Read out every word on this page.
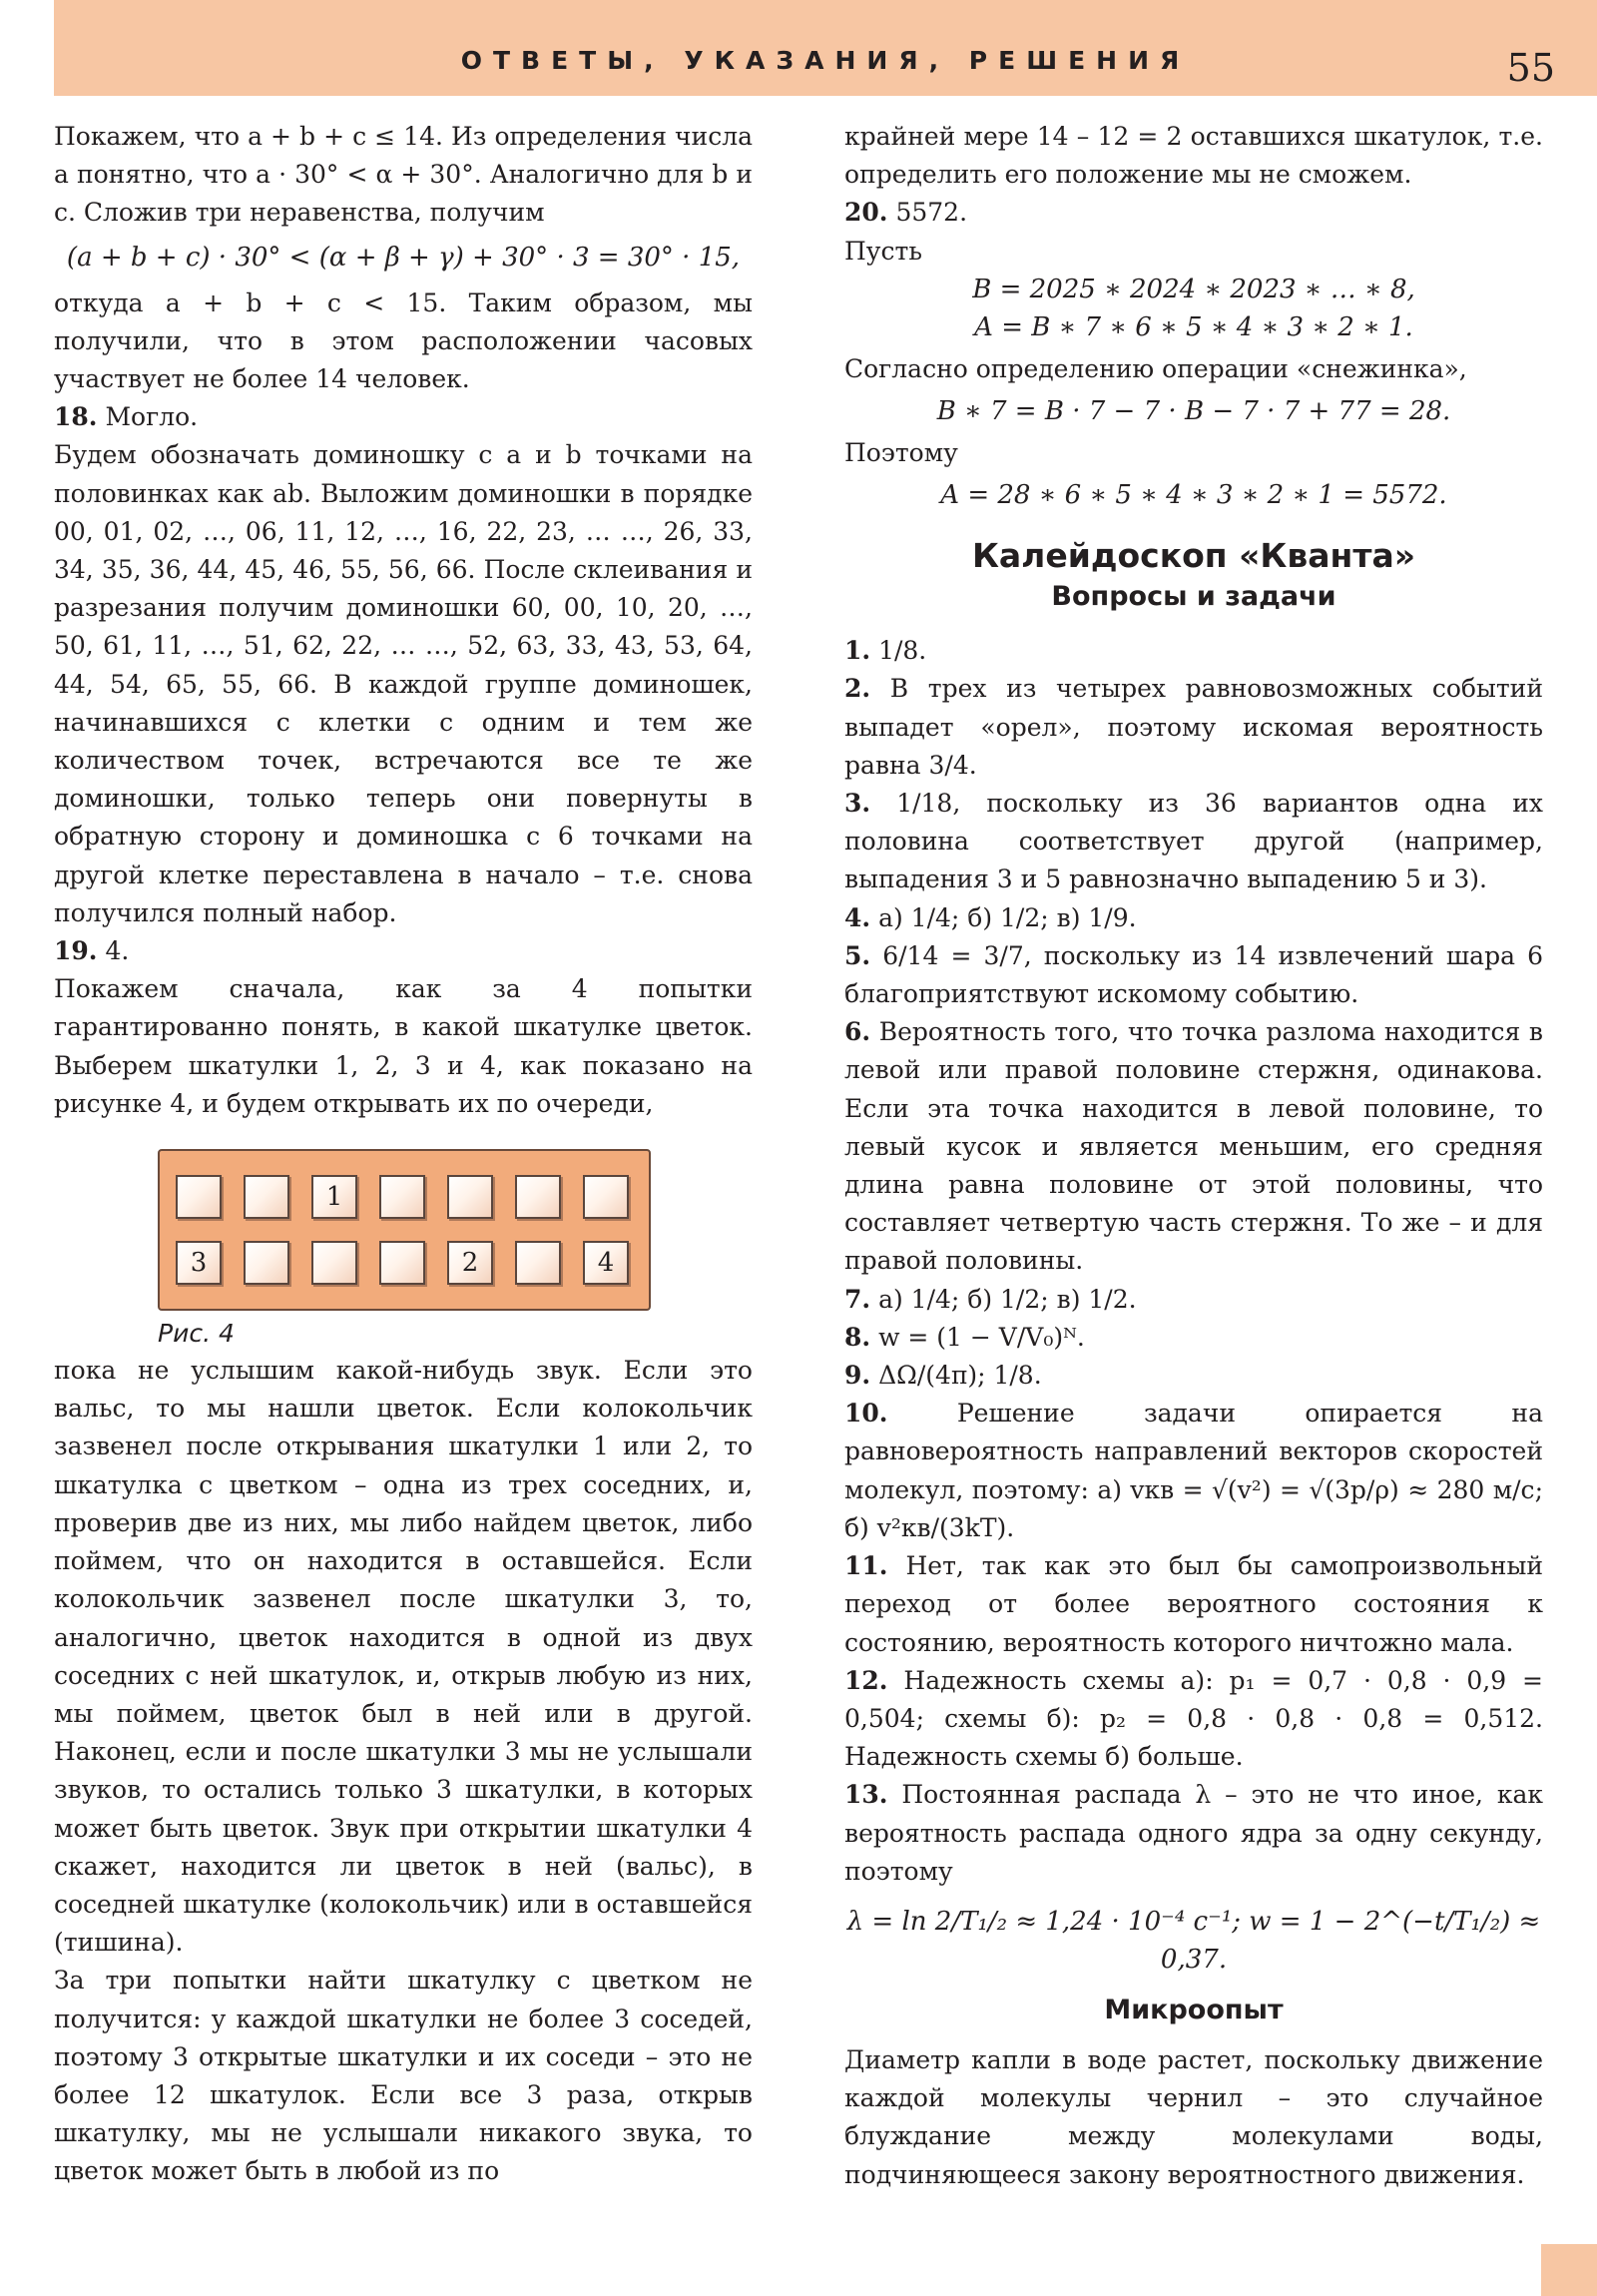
ОТВЕТЫ, УКАЗАНИЯ, РЕШЕНИЯ	55

Покажем, что a + b + c ≤ 14. Из определения числа a понятно, что a · 30° < α + 30°. Аналогично для b и c. Сложив три неравенства, получим

(a + b + c) · 30° < (α + β + γ) + 30° · 3 = 30° · 15,

откуда a + b + c < 15. Таким образом, мы получили, что в этом расположении часовых участвует не более 14 человек.

18. Могло.

Будем обозначать доминошку с a и b точками на половинках как ab. Выложим доминошки в порядке 00, 01, 02, …, 06, 11, 12, …, 16, 22, 23, … …, 26, 33, 34, 35, 36, 44, 45, 46, 55, 56, 66. После склеивания и разрезания получим доминошки 60, 00, 10, 20, …, 50, 61, 11, …, 51, 62, 22, … …, 52, 63, 33, 43, 53, 64, 44, 54, 65, 55, 66. В каждой группе доминошек, начинавшихся с клетки с одним и тем же количеством точек, встречаются все те же доминошки, только теперь они повернуты в обратную сторону и доминошка с 6 точками на другой клетке переставлена в начало – т.е. снова получился полный набор.

19. 4.

Покажем сначала, как за 4 попытки гарантированно понять, в какой шкатулке цветок. Выберем шкатулки 1, 2, 3 и 4, как показано на рисунке 4, и будем открывать их по очереди,

1
3	2	4
Рис. 4

пока не услышим какой-нибудь звук. Если это вальс, то мы нашли цветок. Если колокольчик зазвенел после открывания шкатулки 1 или 2, то шкатулка с цветком – одна из трех соседних, и, проверив две из них, мы либо найдем цветок, либо поймем, что он находится в оставшейся. Если колокольчик зазвенел после шкатулки 3, то, аналогично, цветок находится в одной из двух соседних с ней шкатулок, и, открыв любую из них, мы поймем, цветок был в ней или в другой. Наконец, если и после шкатулки 3 мы не услышали звуков, то остались только 3 шкатулки, в которых может быть цветок. Звук при открытии шкатулки 4 скажет, находится ли цветок в ней (вальс), в соседней шкатулке (колокольчик) или в оставшейся (тишина).

За три попытки найти шкатулку с цветком не получится: у каждой шкатулки не более 3 соседей, поэтому 3 открытые шкатулки и их соседи – это не более 12 шкатулок. Если все 3 раза, открыв шкатулку, мы не услышали никакого звука, то цветок может быть в любой из по

крайней мере 14 – 12 = 2 оставшихся шкатулок, т.е. определить его положение мы не сможем.

20. 5572.

Пусть

B = 2025 ∗ 2024 ∗ 2023 ∗ … ∗ 8,
A = B ∗ 7 ∗ 6 ∗ 5 ∗ 4 ∗ 3 ∗ 2 ∗ 1.

Согласно определению операции «снежинка»,

B ∗ 7 = B · 7 − 7 · B − 7 · 7 + 77 = 28.

Поэтому

A = 28 ∗ 6 ∗ 5 ∗ 4 ∗ 3 ∗ 2 ∗ 1 = 5572.
Калейдоскоп «Кванта»
Вопросы и задачи

1. 1/8.

2. В трех из четырех равновозможных событий выпадет «орел», поэтому искомая вероятность равна 3/4.

3. 1/18, поскольку из 36 вариантов одна их половина соответствует другой (например, выпадения 3 и 5 равнозначно выпадению 5 и 3).

4. а) 1/4; б) 1/2; в) 1/9.

5. 6/14 = 3/7, поскольку из 14 извлечений шара 6 благоприятствуют искомому событию.

6. Вероятность того, что точка разлома находится в левой или правой половине стержня, одинакова. Если эта точка находится в левой половине, то левый кусок и является меньшим, его средняя длина равна половине от этой половины, что составляет четвертую часть стержня. То же – и для правой половины.

7. а) 1/4; б) 1/2; в) 1/2.

8. w = (1 − V/V₀)ᴺ.

9. ΔΩ/(4π); 1/8.

10.	Решение задачи опирается на равновероятность направлений векторов скоростей молекул, поэтому: а) vкв = √(v²) = √(3p/ρ) ≈ 280 м/с; б) v²кв/(3kT).

11. Нет, так как это был бы самопроизвольный переход от более вероятного состояния к состоянию, вероятность которого ничтожно мала.

12. Надежность схемы а): p₁ = 0,7 · 0,8 · 0,9 = 0,504; схемы б): p₂ = 0,8 · 0,8 · 0,8 = 0,512. Надежность схемы б) больше.

13. Постоянная распада λ – это не что иное, как вероятность распада одного ядра за одну секунду, поэтому

λ = ln 2/T₁/₂ ≈ 1,24 · 10⁻⁴ с⁻¹; w = 1 − 2^(−t/T₁/₂) ≈ 0,37.
Микроопыт

Диаметр капли в воде растет, поскольку движение каждой молекулы чернил – это случайное блуждание между молекулами воды, подчиняющееся закону вероятностного движения.
